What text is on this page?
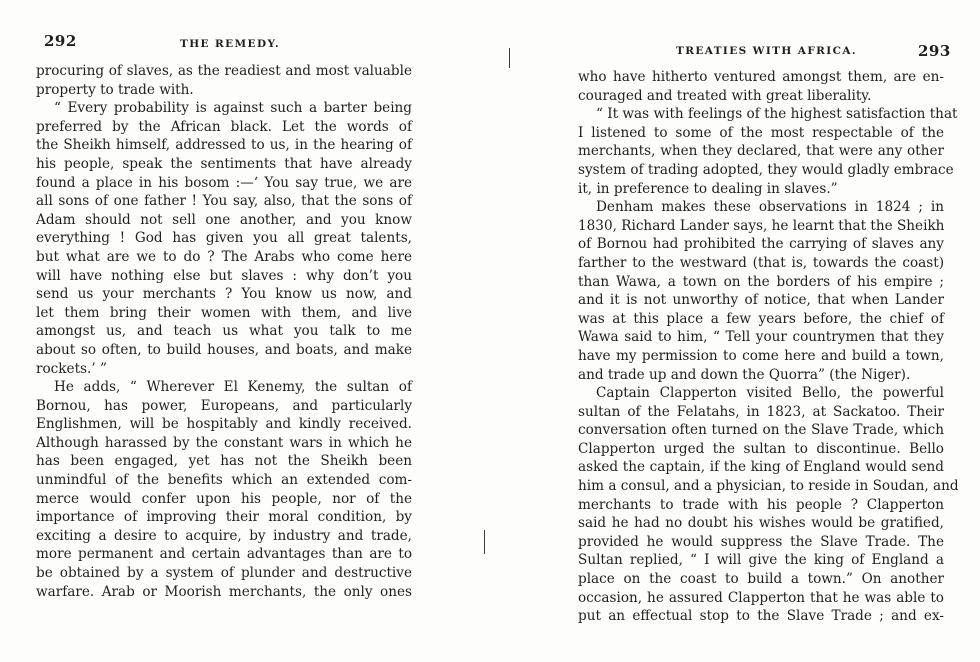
292	THE REMEDY.
procuring of slaves, as the readiest and most valuable
property to trade with.
“ Every probability is against such a barter being
preferred by the African black. Let the words of
the Sheikh himself, addressed to us, in the hearing of
his people, speak the sentiments that have already
found a place in his bosom :—‘ You say true, we are
all sons of one father ! You say, also, that the sons of
Adam should not sell one another, and you know
everything ! God has given you all great talents,
but what are we to do ? The Arabs who come here
will have nothing else but slaves : why don’t you
send us your merchants ? You know us now, and
let them bring their women with them, and live
amongst us, and teach us what you talk to me
about so often, to build houses, and boats, and make
rockets.’ ”
He adds, “ Wherever El Kenemy, the sultan of
Bornou, has power, Europeans, and particularly
Englishmen, will be hospitably and kindly received.
Although harassed by the constant wars in which he
has been engaged, yet has not the Sheikh been
unmindful of the benefits which an extended com-
merce would confer upon his people, nor of the
importance of improving their moral condition, by
exciting a desire to acquire, by industry and trade,
more permanent and certain advantages than are to
be obtained by a system of plunder and destructive
warfare. Arab or Moorish merchants, the only ones
TREATIES WITH AFRICA.	293
who have hitherto ventured amongst them, are en-
couraged and treated with great liberality.
“ It was with feelings of the highest satisfaction that
I listened to some of the most respectable of the
merchants, when they declared, that were any other
system of trading adopted, they would gladly embrace
it, in preference to dealing in slaves.”
Denham makes these observations in 1824 ; in
1830, Richard Lander says, he learnt that the Sheikh
of Bornou had prohibited the carrying of slaves any
farther to the westward (that is, towards the coast)
than Wawa, a town on the borders of his empire ;
and it is not unworthy of notice, that when Lander
was at this place a few years before, the chief of
Wawa said to him, “ Tell your countrymen that they
have my permission to come here and build a town,
and trade up and down the Quorra” (the Niger).
Captain Clapperton visited Bello, the powerful
sultan of the Felatahs, in 1823, at Sackatoo. Their
conversation often turned on the Slave Trade, which
Clapperton urged the sultan to discontinue. Bello
asked the captain, if the king of England would send
him a consul, and a physician, to reside in Soudan, and
merchants to trade with his people ? Clapperton
said he had no doubt his wishes would be gratified,
provided he would suppress the Slave Trade. The
Sultan replied, “ I will give the king of England a
place on the coast to build a town.” On another
occasion, he assured Clapperton that he was able to
put an effectual stop to the Slave Trade ; and ex-
